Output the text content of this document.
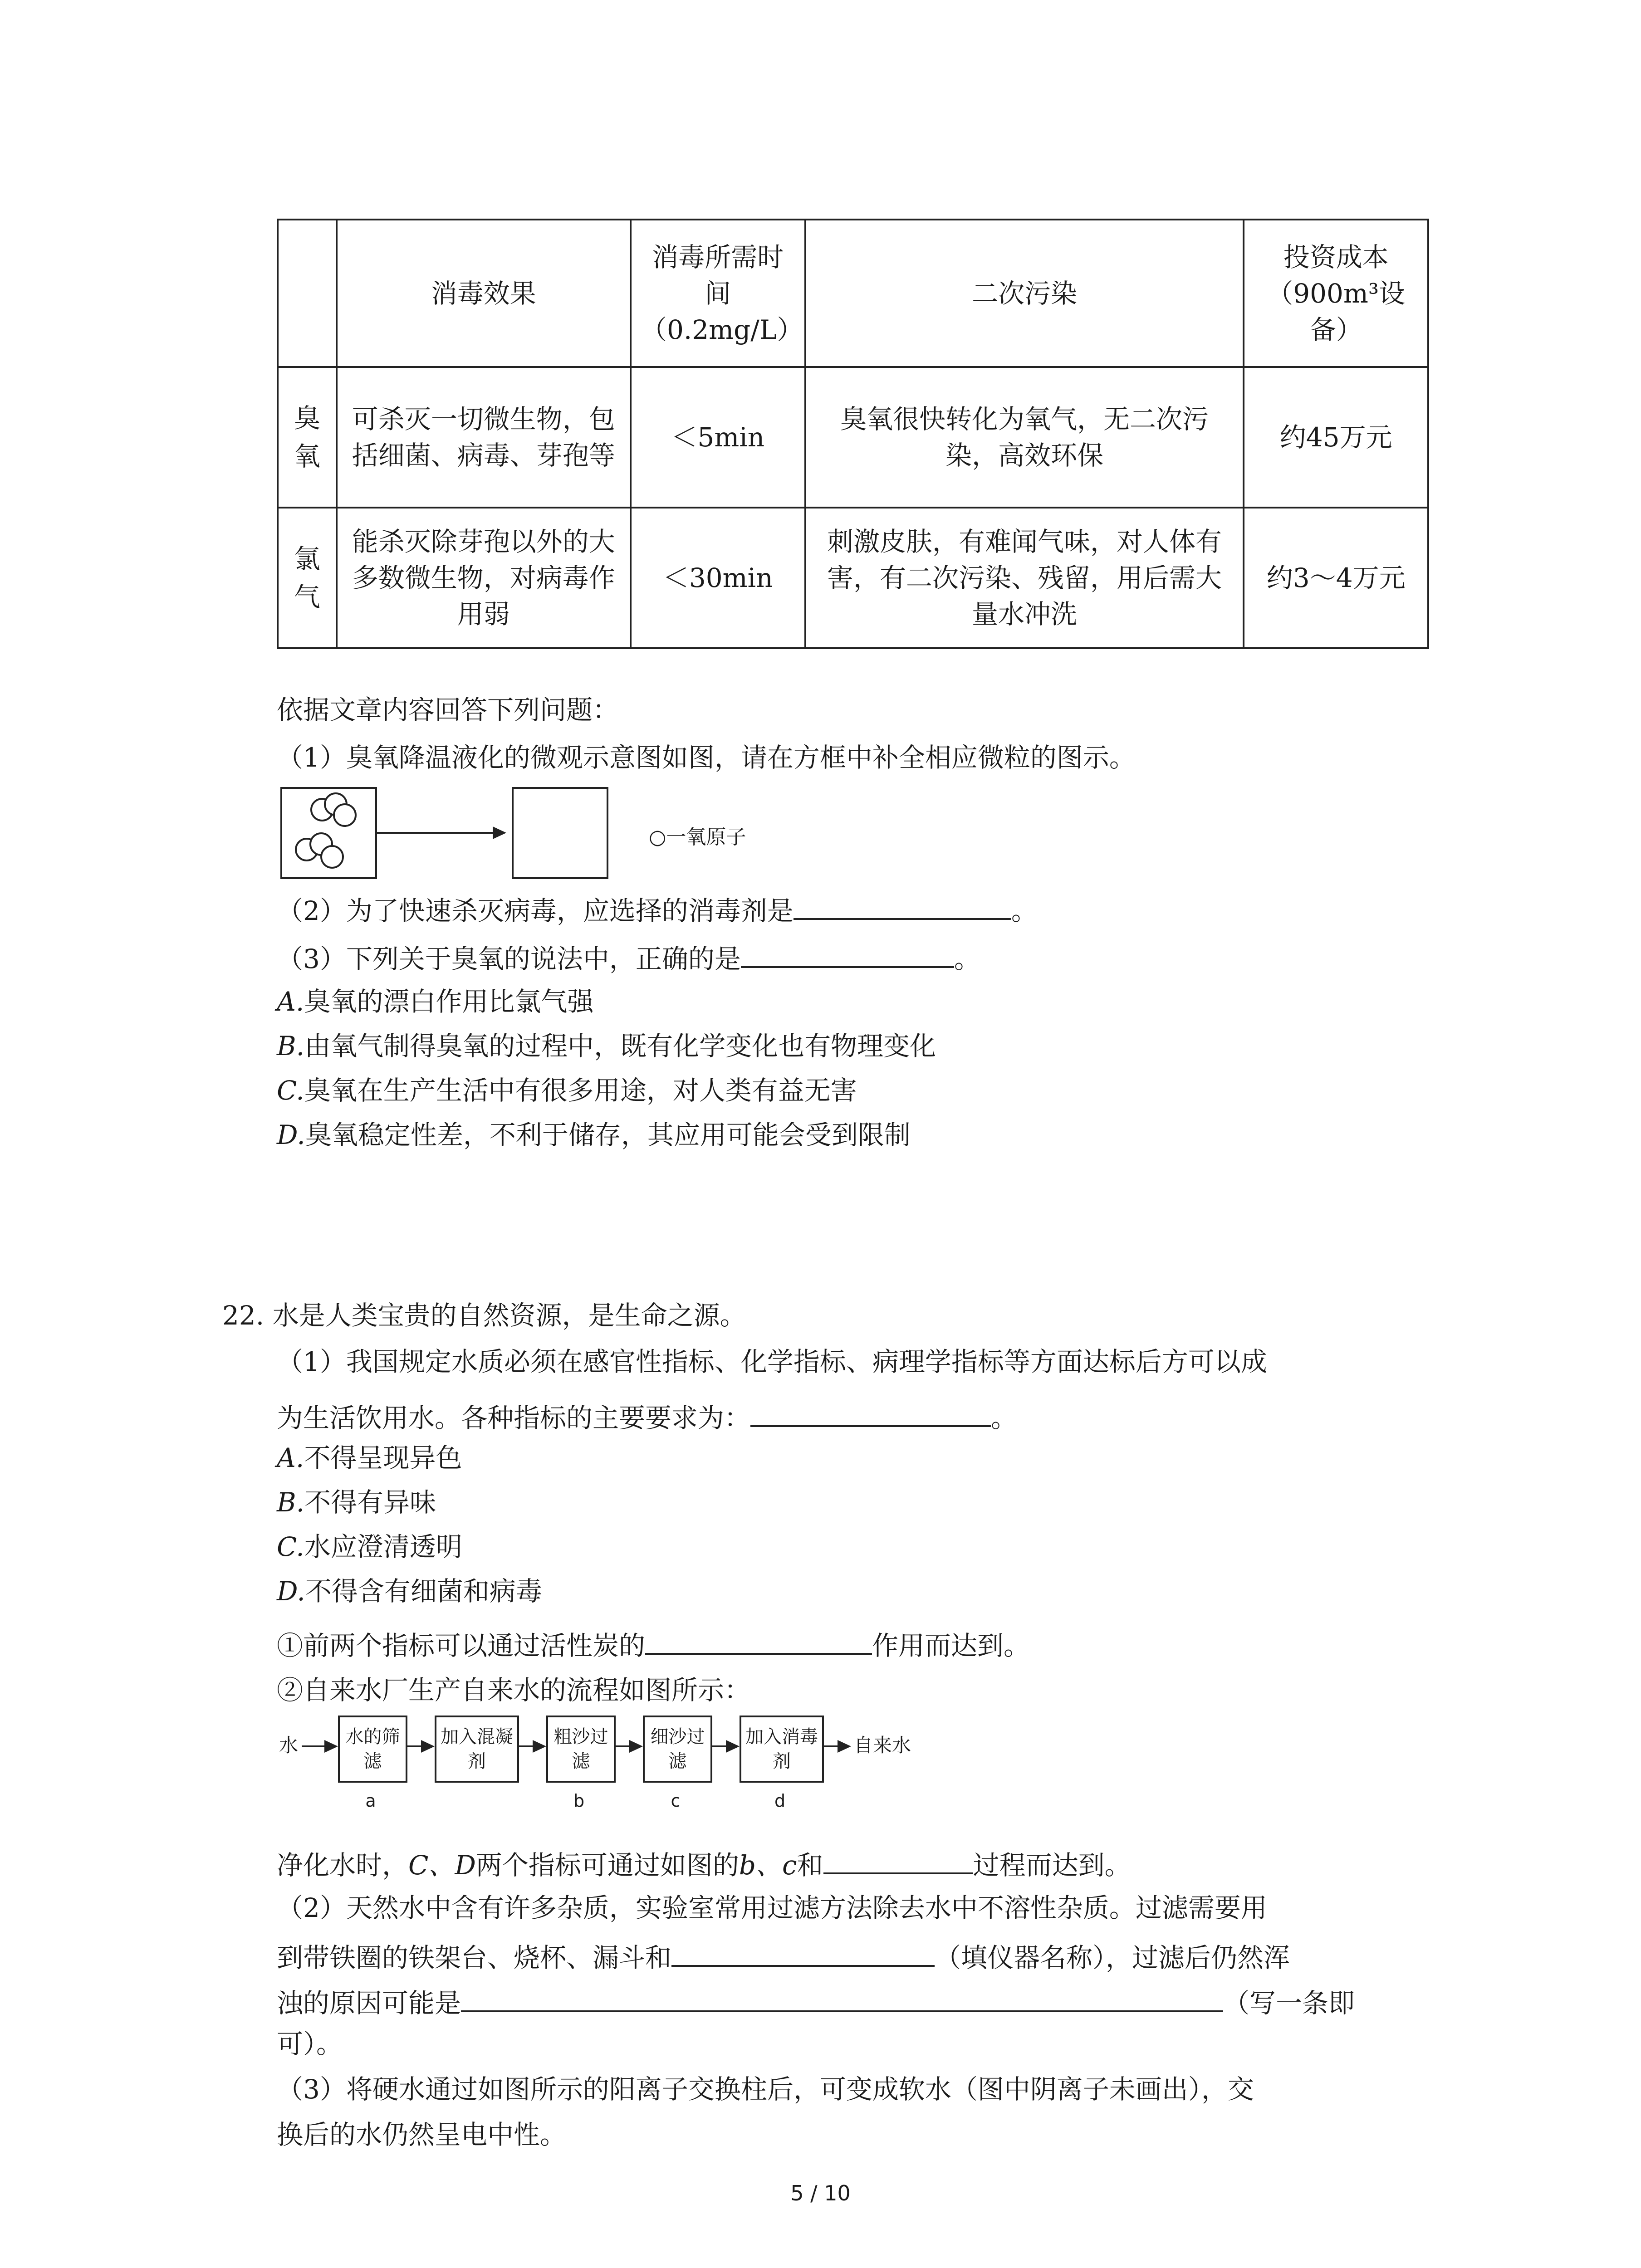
	消毒效果	消毒所需时间（0.2mg/L）	二次污染	投资成本（900m³设备）

臭
氧	可杀灭一切微生物，包括细菌、病毒、芽孢等	＜5min	臭氧很快转化为氧气，无二次污染，高效环保	约45万元

氯
气	能杀灭除芽孢以外的大多数微生物，对病毒作用弱	＜30min	刺激皮肤，有难闻气味，对人体有害，有二次污染、残留，用后需大量水冲洗	约3～4万元
依据文章内容回答下列问题：
（1）臭氧降温液化的微观示意图如图，请在方框中补全相应微粒的图示。
○一氧原子
（2）为了快速杀灭病毒，应选择的消毒剂是	。
（3）下列关于臭氧的说法中，正确的是	。
A.臭氧的漂白作用比氯气强
B.由氧气制得臭氧的过程中，既有化学变化也有物理变化
C.臭氧在生产生活中有很多用途，对人类有益无害
D.臭氧稳定性差，不利于储存，其应用可能会受到限制
22. 水是人类宝贵的自然资源，是生命之源。
（1）我国规定水质必须在感官性指标、化学指标、病理学指标等方面达标后方可以成
为生活饮用水。各种指标的主要要求为：	。
A.不得呈现异色
B.不得有异味
C.水应澄清透明
D.不得含有细菌和病毒
①前两个指标可以通过活性炭的	作用而达到。
②自来水厂生产自来水的流程如图所示：
水	水的筛滤
a
加入混凝剂
粗沙过滤
b
细沙过滤
c
加入消毒剂
d
自来水
净化水时，C、D两个指标可通过如图的b、c和	过程而达到。
（2）天然水中含有许多杂质，实验室常用过滤方法除去水中不溶性杂质。过滤需要用
到带铁圈的铁架台、烧杯、漏斗和	（填仪器名称），过滤后仍然浑
浊的原因可能是	（写一条即
可）。
（3）将硬水通过如图所示的阳离子交换柱后，可变成软水（图中阴离子未画出），交
换后的水仍然呈电中性。
5 / 10
